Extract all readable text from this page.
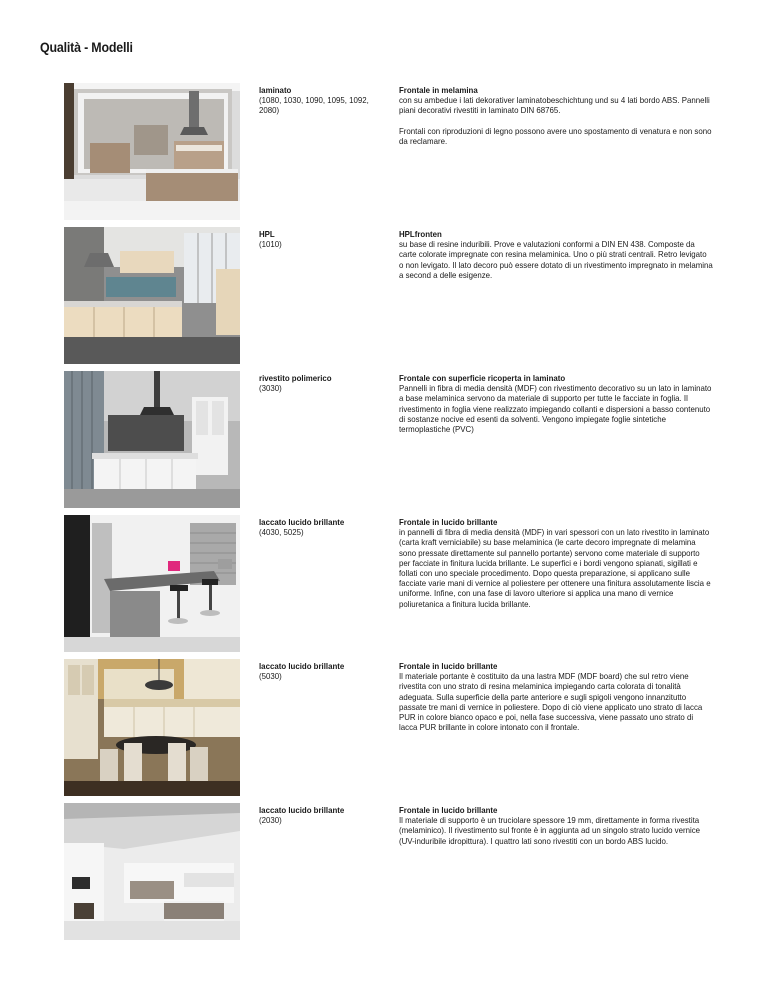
Qualità - Modelli
laminato
(1080, 1030, 1090, 1095, 1092, 2080)
Frontale in melamina

con su ambedue i lati dekorativer laminatobeschichtung und su 4 lati bordo ABS. Pannelli piani decorativi rivestiti in laminato DIN 68765.

Frontali con riproduzioni di legno possono avere uno spostamento di venatura e non sono da reclamare.

HPL
(1010)
HPLfronten

su base di resine induribili. Prove e valutazioni conformi a DIN EN 438. Composte da carte colorate impregnate con resina melaminica. Uno o più strati centrali. Retro levigato o non levigato. Il lato decoro può essere dotato di un rivestimento impregnato in melamina a second a delle esigenze.

rivestito polimerico
(3030)
Frontale con superficie ricoperta in laminato

Pannelli in fibra di media densità (MDF) con rivestimento decorativo su un lato in laminato a base melaminica servono da materiale di supporto per tutte le facciate in foglia. Il rivestimento in foglia viene realizzato impiegando collanti e dispersioni a basso contenuto di sostanze nocive ed esenti da solventi. Vengono impiegate foglie sintetiche termoplastiche (PVC)

laccato lucido brillante
(4030, 5025)
Frontale in lucido brillante

in pannelli di fibra di media densità (MDF) in vari spessori con un lato rivestito in laminato (carta kraft verniciabile) su base melaminica (le carte decoro impregnate di melamina sono pressate direttamente sul pannello portante) servono come materiale di supporto per facciate in finitura lucida brillante. Le superfici e i bordi vengono spianati, sigillati e follati con uno speciale procedimento. Dopo questa preparazione, si applicano sulle facciate varie mani di vernice al poliestere per ottenere una finitura assolutamente liscia e uniforme. Infine, con una fase di lavoro ulteriore si applica una mano di vernice poliuretanica a finitura lucida brillante.

laccato lucido brillante
(5030)
Frontale in lucido brillante

Il materiale portante è costituito da una lastra MDF (MDF board) che sul retro viene rivestita con uno strato di resina melaminica impiegando carta colorata di tonalità adeguata. Sulla superficie della parte anteriore e sugli spigoli vengono innanzitutto passate tre mani di vernice in poliestere. Dopo di ciò viene applicato uno strato di lacca PUR in colore bianco opaco e poi, nella fase successiva, viene passato uno strato di lacca PUR brillante in colore intonato con il frontale.

laccato lucido brillante
(2030)
Frontale in lucido brillante

Il materiale di supporto è un truciolare spessore 19 mm, direttamente in forma rivestita (melaminico). Il rivestimento sul fronte è in aggiunta ad un singolo strato lucido vernice (UV-induribile idropittura). I quattro lati sono rivestiti con un bordo ABS lucido.
